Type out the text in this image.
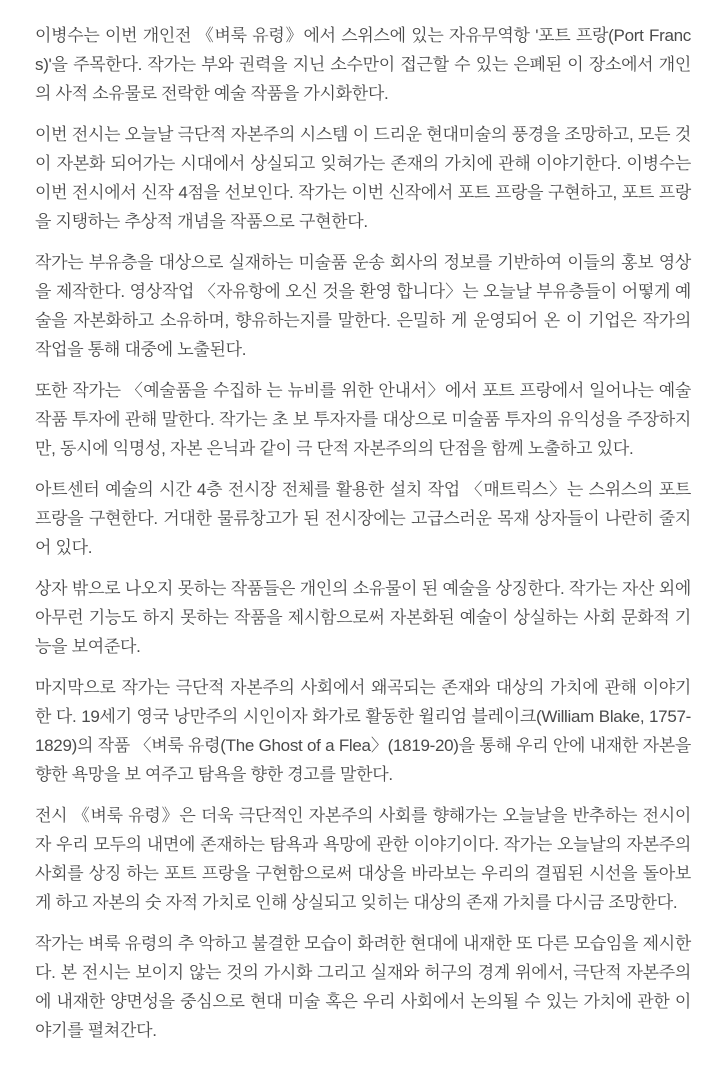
이병수는 이번 개인전 《벼룩 유령》에서 스위스에 있는 자유무역항 '포트 프랑(Port Francs)'을 주목한다. 작가는 부와 권력을 지닌 소수만이 접근할 수 있는 은폐된 이 장소에서 개인 의 사적 소유물로 전락한 예술 작품을 가시화한다.

이번 전시는 오늘날 극단적 자본주의 시스템 이 드리운 현대미술의 풍경을 조망하고, 모든 것이 자본화 되어가는 시대에서 상실되고 잊혀가는 존재의 가치에 관해 이야기한다. 이병수는 이번 전시에서 신작 4점을 선보인다. 작가는 이번 신작에서 포트 프랑을 구현하고, 포트 프랑을 지탱하는 추상적 개념을 작품으로 구현한다.

작가는 부유층을 대상으로 실재하는 미술품 운송 회사의 정보를 기반하여 이들의 홍보 영상을 제작한다. 영상작업 〈자유항에 오신 것을 환영 합니다〉는 오늘날 부유층들이 어떻게 예술을 자본화하고 소유하며, 향유하는지를 말한다. 은밀하 게 운영되어 온 이 기업은 작가의 작업을 통해 대중에 노출된다.

또한 작가는 〈예술품을 수집하 는 뉴비를 위한 안내서〉에서 포트 프랑에서 일어나는 예술 작품 투자에 관해 말한다. 작가는 초 보 투자자를 대상으로 미술품 투자의 유익성을 주장하지만, 동시에 익명성, 자본 은닉과 같이 극 단적 자본주의의 단점을 함께 노출하고 있다.

아트센터 예술의 시간 4층 전시장 전체를 활용한 설치 작업 〈매트릭스〉는 스위스의 포트 프랑을 구현한다. 거대한 물류창고가 된 전시장에는 고급스러운 목재 상자들이 나란히 줄지어 있다.

상자 밖으로 나오지 못하는 작품들은 개인의 소유물이 된 예술을 상징한다. 작가는 자산 외에 아무런 기능도 하지 못하는 작품을 제시함으로써 자본화된 예술이 상실하는 사회 문화적 기능을 보여준다.

마지막으로 작가는 극단적 자본주의 사회에서 왜곡되는 존재와 대상의 가치에 관해 이야기한 다. 19세기 영국 낭만주의 시인이자 화가로 활동한 윌리엄 블레이크(William Blake, 1757-1829)의 작품 〈벼룩 유령(The Ghost of a Flea〉(1819-20)을 통해 우리 안에 내재한 자본을 향한 욕망을 보 여주고 탐욕을 향한 경고를 말한다.

전시 《벼룩 유령》은 더욱 극단적인 자본주의 사회를 향해가는 오늘날을 반추하는 전시이자 우리 모두의 내면에 존재하는 탐욕과 욕망에 관한 이야기이다. 작가는 오늘날의 자본주의 사회를 상징 하는 포트 프랑을 구현함으로써 대상을 바라보는 우리의 결핍된 시선을 돌아보게 하고 자본의 숫 자적 가치로 인해 상실되고 잊히는 대상의 존재 가치를 다시금 조망한다.

작가는 벼룩 유령의 추 악하고 불결한 모습이 화려한 현대에 내재한 또 다른 모습임을 제시한다. 본 전시는 보이지 않는 것의 가시화 그리고 실재와 허구의 경계 위에서, 극단적 자본주의에 내재한 양면성을 중심으로 현대 미술 혹은 우리 사회에서 논의될 수 있는 가치에 관한 이야기를 펼쳐간다.
